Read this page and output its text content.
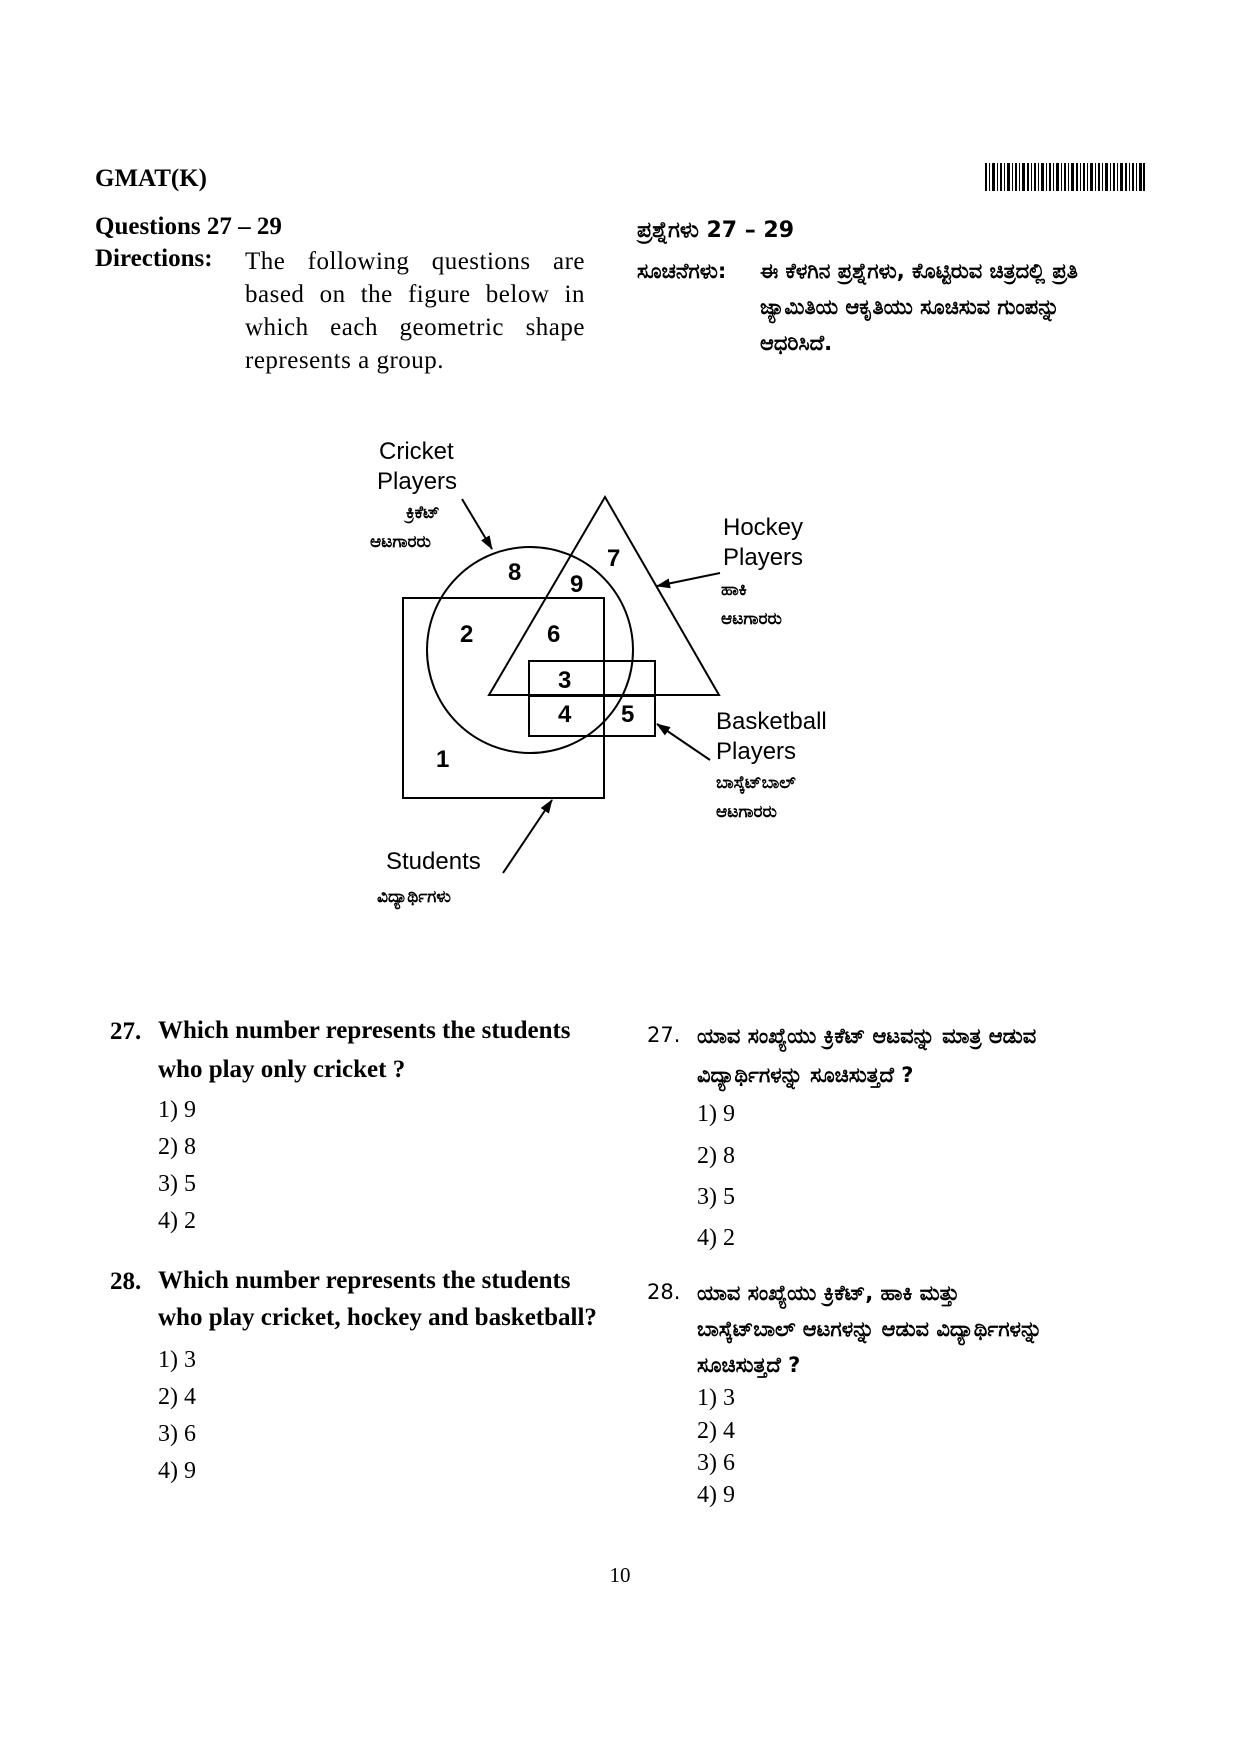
GMAT(K)
Questions 27 – 29
Directions: The following questions are based on the figure below in which each geometric shape represents a group.
ಪ್ರಶ್ನೆಗಳು 27 – 29
ಸೂಚನೆಗಳು: ಈ ಕೆಳಗಿನ ಪ್ರಶ್ನೆಗಳು, ಕೊಟ್ಟಿರುವ ಚಿತ್ರದಲ್ಲಿ ಪ್ರತಿ ಜ್ಯಾಮಿತಿಯ ಆಕೃತಿಯು ಸೂಚಿಸುವ ಗುಂಪನ್ನು ಆಧರಿಸಿದೆ.
1
2
3
4 5
6
7
8 9
Cricket
Players
Hockey
Players
Basketball
Players
Students
ಕ್ರಿಕೆಟ್
ಆಟಗಾರರು
ಹಾಕಿ
ಆಟಗಾರರು
ಬಾಸ್ಕೆಟ್‌ಬಾಲ್
ಆಟಗಾರರು
ವಿದ್ಯಾರ್ಥಿಗಳು
27. Which number represents the students
who play only cricket ?
1) 9
2) 8
3) 5
4) 2
28. Which number represents the students
who play cricket, hockey and basketball?
1) 3
2) 4
3) 6
4) 9
27. ಯಾವ ಸಂಖ್ಯೆಯು ಕ್ರಿಕೆಟ್ ಆಟವನ್ನು ಮಾತ್ರ ಆಡುವ
ವಿದ್ಯಾರ್ಥಿಗಳನ್ನು ಸೂಚಿಸುತ್ತದೆ ?
1) 9
2) 8
3) 5
4) 2
28. ಯಾವ ಸಂಖ್ಯೆಯು ಕ್ರಿಕೆಟ್, ಹಾಕಿ ಮತ್ತು
ಬಾಸ್ಕೆಟ್‌ಬಾಲ್ ಆಟಗಳನ್ನು ಆಡುವ ವಿದ್ಯಾರ್ಥಿಗಳನ್ನು
ಸೂಚಿಸುತ್ತದೆ ?
1) 3
2) 4
3) 6
4) 9
10
